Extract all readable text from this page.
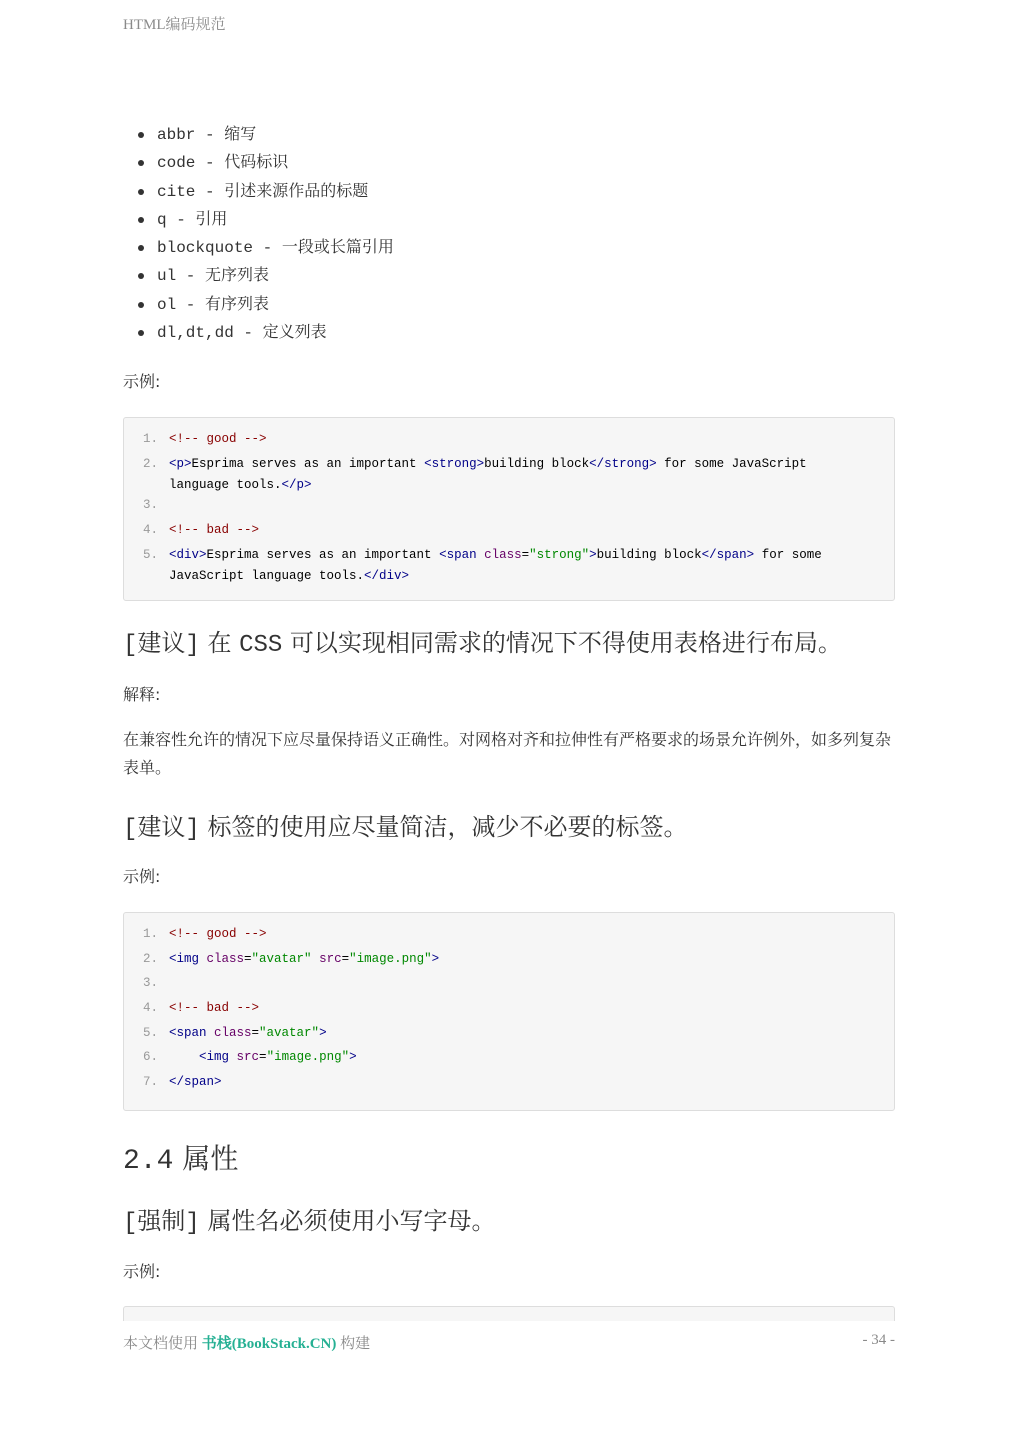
HTML编码规范
abbr - 缩写
code - 代码标识
cite - 引述来源作品的标题
q - 引用
blockquote - 一段或长篇引用
ul - 无序列表
ol - 有序列表
dl,dt,dd - 定义列表
示例:
1. <!-- good -->
2. <p>Esprima serves as an important <strong>building block</strong> for some JavaScript language tools.</p>
3.
4. <!-- bad -->
5. <div>Esprima serves as an important <span class="strong">building block</span> for some JavaScript language tools.</div>
[建议] 在 CSS 可以实现相同需求的情况下不得使用表格进行布局。
解释:
在兼容性允许的情况下应尽量保持语义正确性。对网格对齐和拉伸性有严格要求的场景允许例外，如多列复杂表单。
[建议] 标签的使用应尽量简洁，减少不必要的标签。
示例:
1. <!-- good -->
2. <img class="avatar" src="image.png">
3.
4. <!-- bad -->
5. <span class="avatar">
6.	<img src="image.png">
7. </span>
2.4 属性
[强制] 属性名必须使用小写字母。
示例:
本文档使用 书栈(BookStack.CN) 构建	- 34 -
